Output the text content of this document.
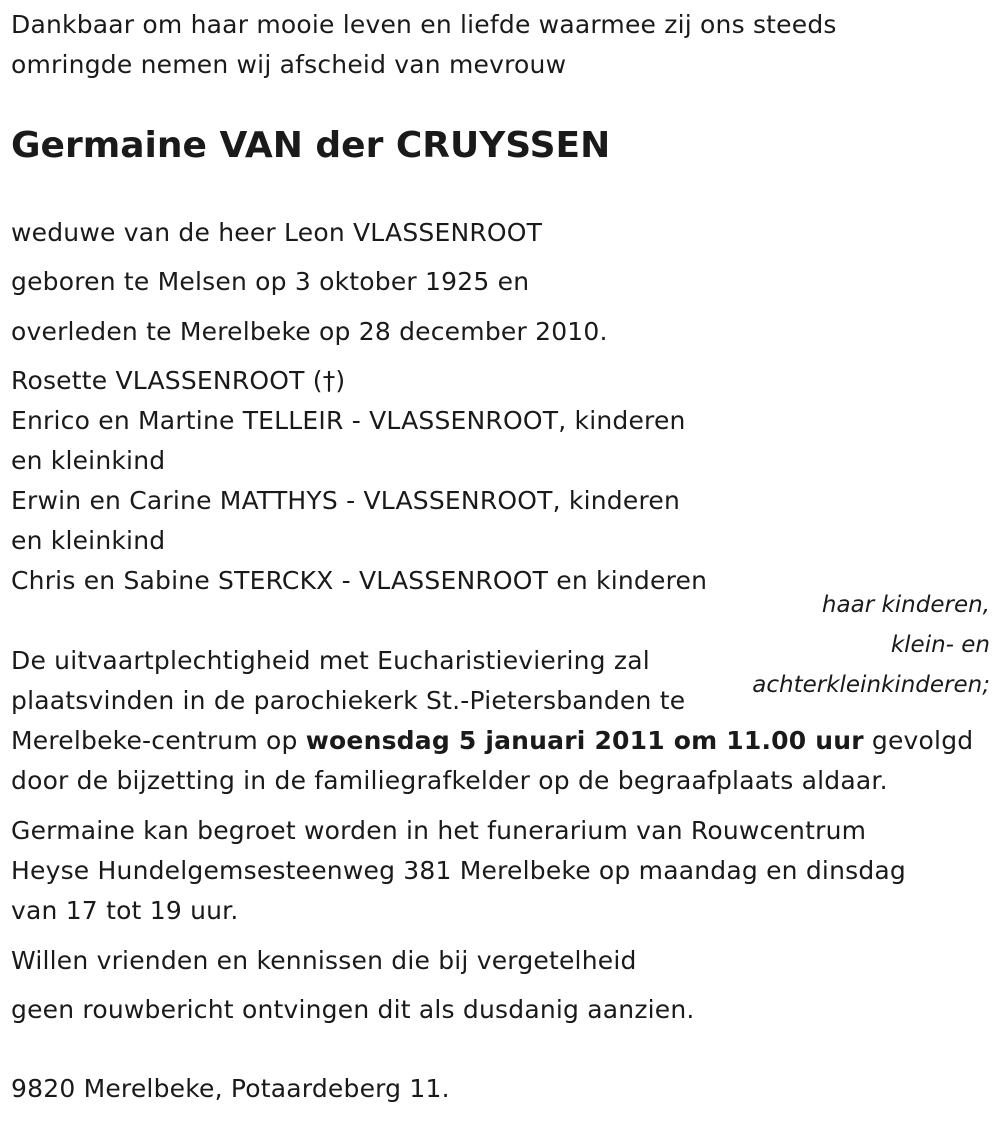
Dankbaar om haar mooie leven en liefde waarmee zij ons steeds
omringde nemen wij afscheid van mevrouw
Germaine VAN der CRUYSSEN
weduwe van de heer Leon VLASSENROOT
geboren te Melsen op 3 oktober 1925 en
overleden te Merelbeke op 28 december 2010.
Rosette VLASSENROOT (†)
Enrico en Martine TELLEIR - VLASSENROOT, kinderen
en kleinkind
Erwin en Carine MATTHYS - VLASSENROOT, kinderen
en kleinkind
Chris en Sabine STERCKX - VLASSENROOT en kinderen
haar kinderen,
klein- en
achterkleinkinderen;
De uitvaartplechtigheid met Eucharistieviering zal
plaatsvinden in de parochiekerk St.-Pietersbanden te
Merelbeke-centrum op woensdag 5 januari 2011 om 11.00 uur gevolgd
door de bijzetting in de familiegrafkelder op de begraafplaats aldaar.
Germaine kan begroet worden in het funerarium van Rouwcentrum
Heyse Hundelgemsesteenweg 381 Merelbeke op maandag en dinsdag
van 17 tot 19 uur.
Willen vrienden en kennissen die bij vergetelheid
geen rouwbericht ontvingen dit als dusdanig aanzien.
9820 Merelbeke, Potaardeberg 11.
